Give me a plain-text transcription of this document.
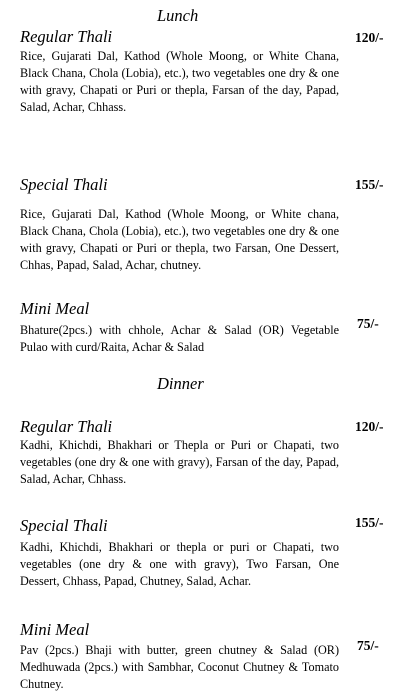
Lunch
Regular Thali	120/-

Rice, Gujarati Dal, Kathod (Whole Moong, or White Chana, Black Chana, Chola (Lobia), etc.), two vegetables one dry & one with gravy, Chapati or Puri or thepla, Farsan of the day, Papad, Salad, Achar, Chhass.

Special Thali	155/-

Rice, Gujarati Dal, Kathod (Whole Moong, or White chana, Black Chana, Chola (Lobia), etc.), two vegetables one dry & one with gravy, Chapati or Puri or thepla, two Farsan, One Dessert, Chhas, Papad, Salad, Achar, chutney.

Mini Meal
75/-

Bhature(2pcs.) with chhole, Achar & Salad (OR) Vegetable Pulao with curd/Raita, Achar & Salad

Dinner
Regular Thali	120/-

Kadhi, Khichdi, Bhakhari or Thepla or Puri or Chapati, two vegetables (one dry & one with gravy), Farsan of the day, Papad, Salad, Achar, Chhass.

Special Thali	155/-

Kadhi, Khichdi, Bhakhari or thepla or puri or Chapati, two vegetables (one dry & one with gravy), Two Farsan, One Dessert, Chhass, Papad, Chutney, Salad, Achar.

Mini Meal
75/-

Pav (2pcs.) Bhaji with butter, green chutney & Salad (OR) Medhuwada (2pcs.) with Sambhar, Coconut Chutney & Tomato Chutney.
